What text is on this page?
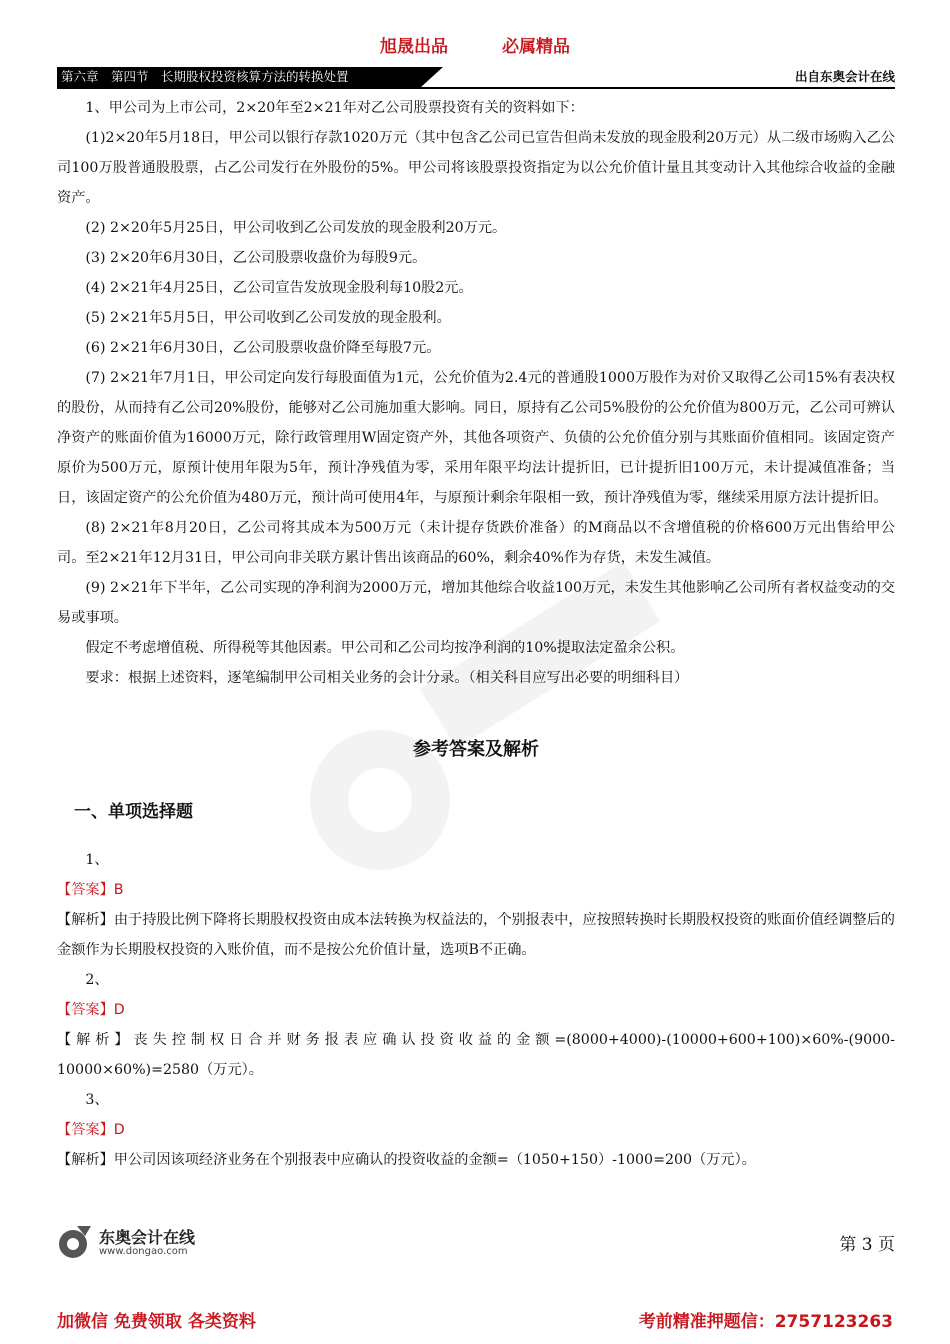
旭晟出品	必属精品
第六章　第四节　长期股权投资核算方法的转换处置	出自东奥会计在线

1、甲公司为上市公司，2×20年至2×21年对乙公司股票投资有关的资料如下：

(1)2×20年5月18日，甲公司以银行存款1020万元（其中包含乙公司已宣告但尚未发放的现金股利20万元）从二级市场购入乙公司100万股普通股股票，占乙公司发行在外股份的5%。甲公司将该股票投资指定为以公允价值计量且其变动计入其他综合收益的金融资产。

(2) 2×20年5月25日，甲公司收到乙公司发放的现金股利20万元。

(3) 2×20年6月30日，乙公司股票收盘价为每股9元。

(4) 2×21年4月25日，乙公司宣告发放现金股利每10股2元。

(5) 2×21年5月5日，甲公司收到乙公司发放的现金股利。

(6) 2×21年6月30日，乙公司股票收盘价降至每股7元。

(7) 2×21年7月1日，甲公司定向发行每股面值为1元，公允价值为2.4元的普通股1000万股作为对价又取得乙公司15%有表决权的股份，从而持有乙公司20%股份，能够对乙公司施加重大影响。同日，原持有乙公司5%股份的公允价值为800万元，乙公司可辨认净资产的账面价值为16000万元，除行政管理用W固定资产外，其他各项资产、负债的公允价值分别与其账面价值相同。该固定资产原价为500万元，原预计使用年限为5年，预计净残值为零，采用年限平均法计提折旧，已计提折旧100万元，未计提减值准备；当日，该固定资产的公允价值为480万元，预计尚可使用4年，与原预计剩余年限相一致，预计净残值为零，继续采用原方法计提折旧。

(8) 2×21年8月20日，乙公司将其成本为500万元（未计提存货跌价准备）的M商品以不含增值税的价格600万元出售给甲公司。至2×21年12月31日，甲公司向非关联方累计售出该商品的60%，剩余40%作为存货，未发生减值。

(9) 2×21年下半年，乙公司实现的净利润为2000万元，增加其他综合收益100万元，未发生其他影响乙公司所有者权益变动的交易或事项。

假定不考虑增值税、所得税等其他因素。甲公司和乙公司均按净利润的10%提取法定盈余公积。

要求：根据上述资料，逐笔编制甲公司相关业务的会计分录。（相关科目应写出必要的明细科目）

参考答案及解析

一、单项选择题

1、

【答案】B

【解析】由于持股比例下降将长期股权投资由成本法转换为权益法的，个别报表中，应按照转换时长期股权投资的账面价值经调整后的金额作为长期股权投资的入账价值，而不是按公允价值计量，选项B不正确。

2、

【答案】D

【解析】丧失控制权日合并财务报表应确认投资收益的金额=(8000+4000)-(10000+600+100)×60%-(9000-10000×60%)=2580（万元）。

3、

【答案】D

【解析】甲公司因该项经济业务在个别报表中应确认的投资收益的金额=（1050+150）-1000=200（万元）。

东奥会计在线
www.dongao.com	第 3 页
加微信 免费领取 各类资料	考前精准押题信：2757123263
